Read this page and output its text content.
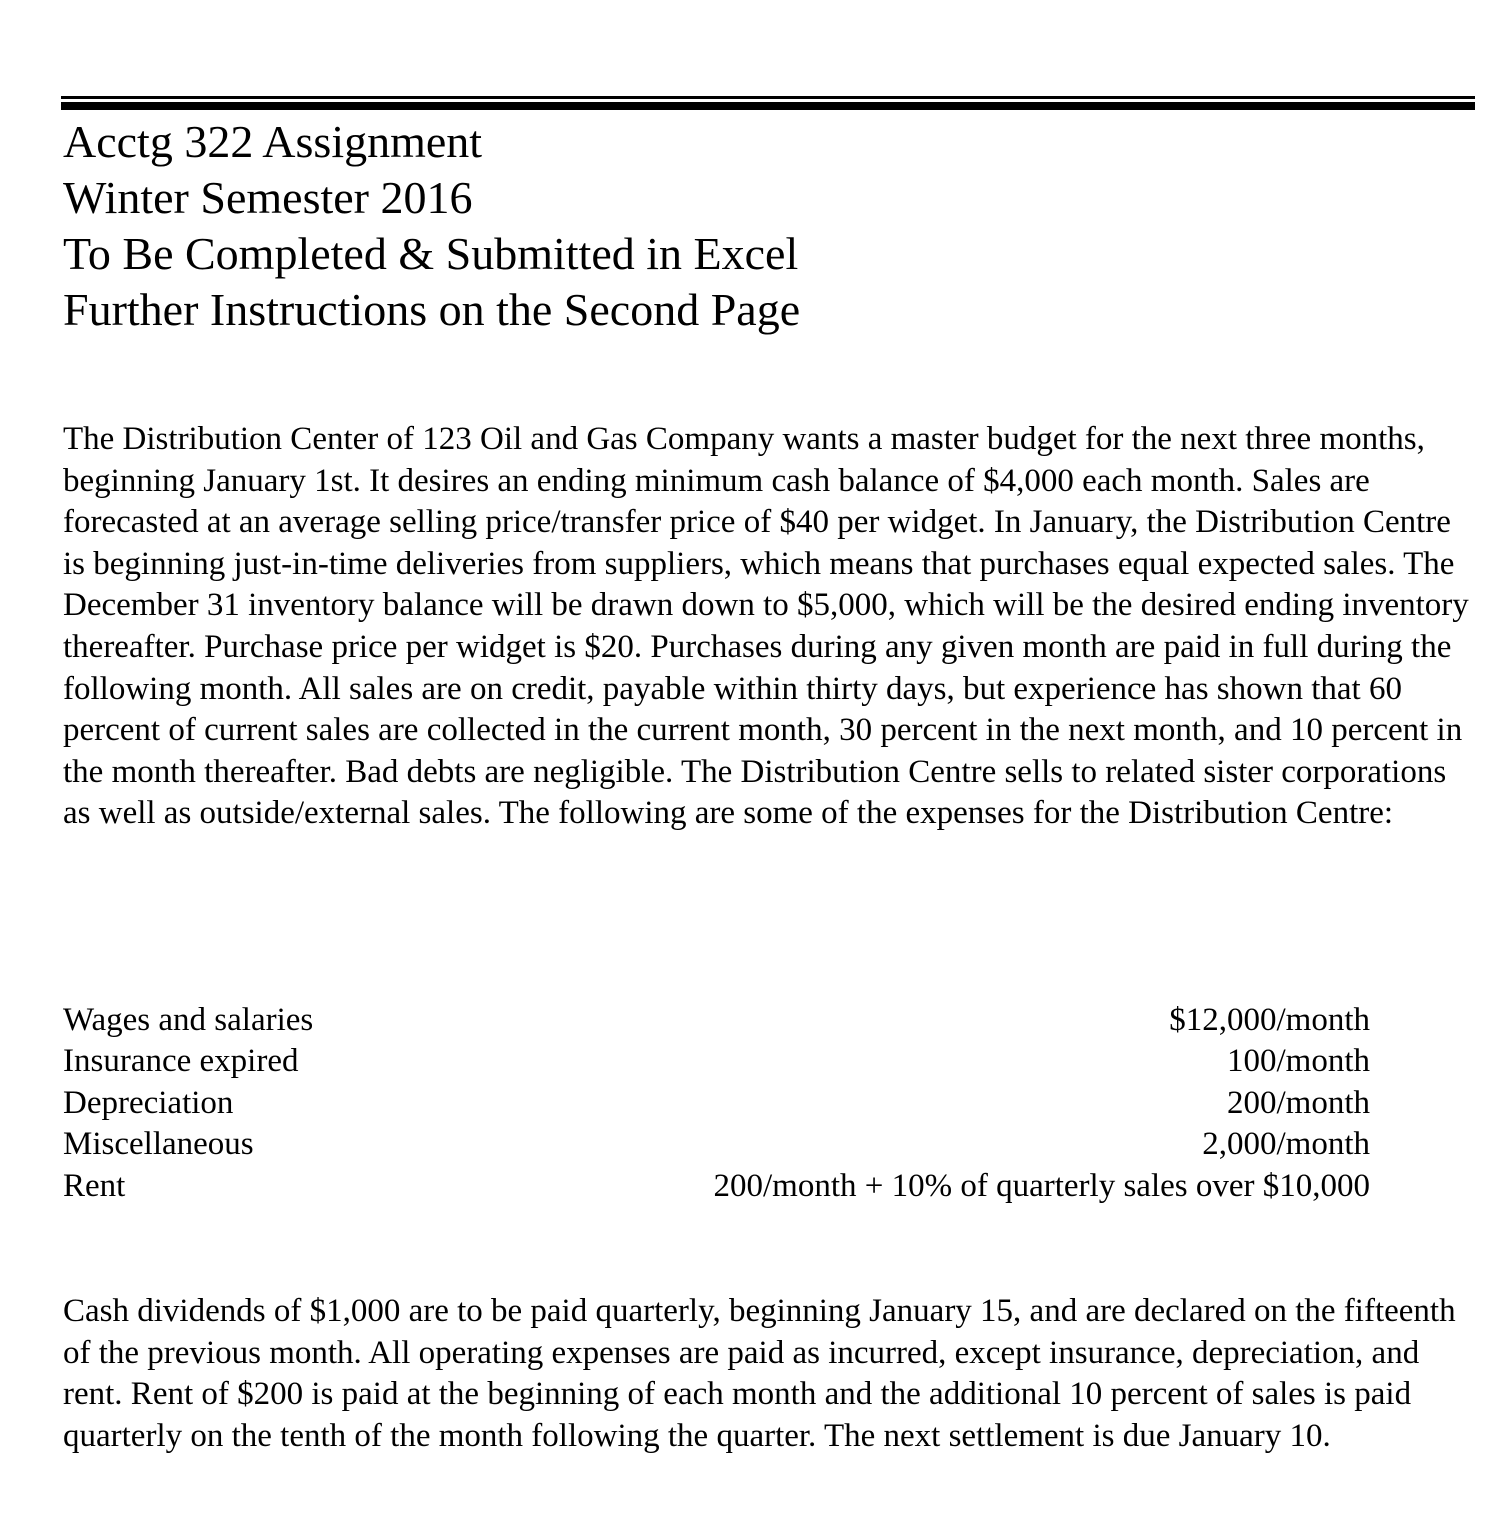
Acctg 322 Assignment
Winter Semester 2016
To Be Completed & Submitted in Excel
Further Instructions on the Second Page

The Distribution Center of 123 Oil and Gas Company wants a master budget for the next three months, beginning January 1st. It desires an ending minimum cash balance of $4,000 each month. Sales are forecasted at an average selling price/transfer price of $40 per widget. In January, the Distribution Centre is beginning just-in-time deliveries from suppliers, which means that purchases equal expected sales. The December 31 inventory balance will be drawn down to $5,000, which will be the desired ending inventory thereafter. Purchase price per widget is $20. Purchases during any given month are paid in full during the following month. All sales are on credit, payable within thirty days, but experience has shown that 60 percent of current sales are collected in the current month, 30 percent in the next month, and 10 percent in the month thereafter. Bad debts are negligible. The Distribution Centre sells to related sister corporations as well as outside/external sales. The following are some of the expenses for the Distribution Centre:

Wages and salaries	$12,000/month
Insurance expired	100/month
Depreciation	200/month
Miscellaneous	2,000/month
Rent	200/month + 10% of quarterly sales over $10,000

Cash dividends of $1,000 are to be paid quarterly, beginning January 15, and are declared on the fifteenth of the previous month. All operating expenses are paid as incurred, except insurance, depreciation, and rent. Rent of $200 is paid at the beginning of each month and the additional 10 percent of sales is paid quarterly on the tenth of the month following the quarter. The next settlement is due January 10.
